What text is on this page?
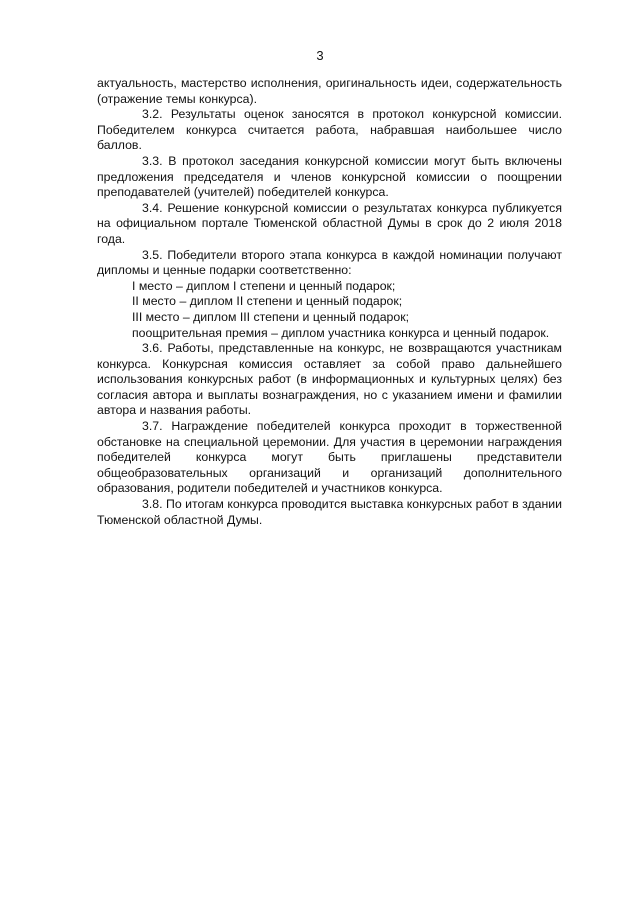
3

актуальность, мастерство исполнения, оригинальность идеи, содержательность (отражение темы конкурса).

3.2. Результаты оценок заносятся в протокол конкурсной комиссии. Победителем конкурса считается работа, набравшая наибольшее число баллов.

3.3. В протокол заседания конкурсной комиссии могут быть включены предложения председателя и членов конкурсной комиссии о поощрении преподавателей (учителей) победителей конкурса.

3.4. Решение конкурсной комиссии о результатах конкурса публикуется на официальном портале Тюменской областной Думы в срок до 2 июля 2018 года.

3.5. Победители второго этапа конкурса в каждой номинации получают дипломы и ценные подарки соответственно:

I место – диплом I степени и ценный подарок;

II место – диплом II степени и ценный подарок;

III место – диплом III степени и ценный подарок;

поощрительная премия – диплом участника конкурса и ценный подарок.

3.6. Работы, представленные на конкурс, не возвращаются участникам конкурса. Конкурсная комиссия оставляет за собой право дальнейшего использования конкурсных работ (в информационных и культурных целях) без согласия автора и выплаты вознаграждения, но с указанием имени и фамилии автора и названия работы.

3.7. Награждение победителей конкурса проходит в торжественной обстановке на специальной церемонии. Для участия в церемонии награждения победителей конкурса могут быть приглашены представители общеобразовательных организаций и организаций дополнительного образования, родители победителей и участников конкурса.

3.8. По итогам конкурса проводится выставка конкурсных работ в здании Тюменской областной Думы.
